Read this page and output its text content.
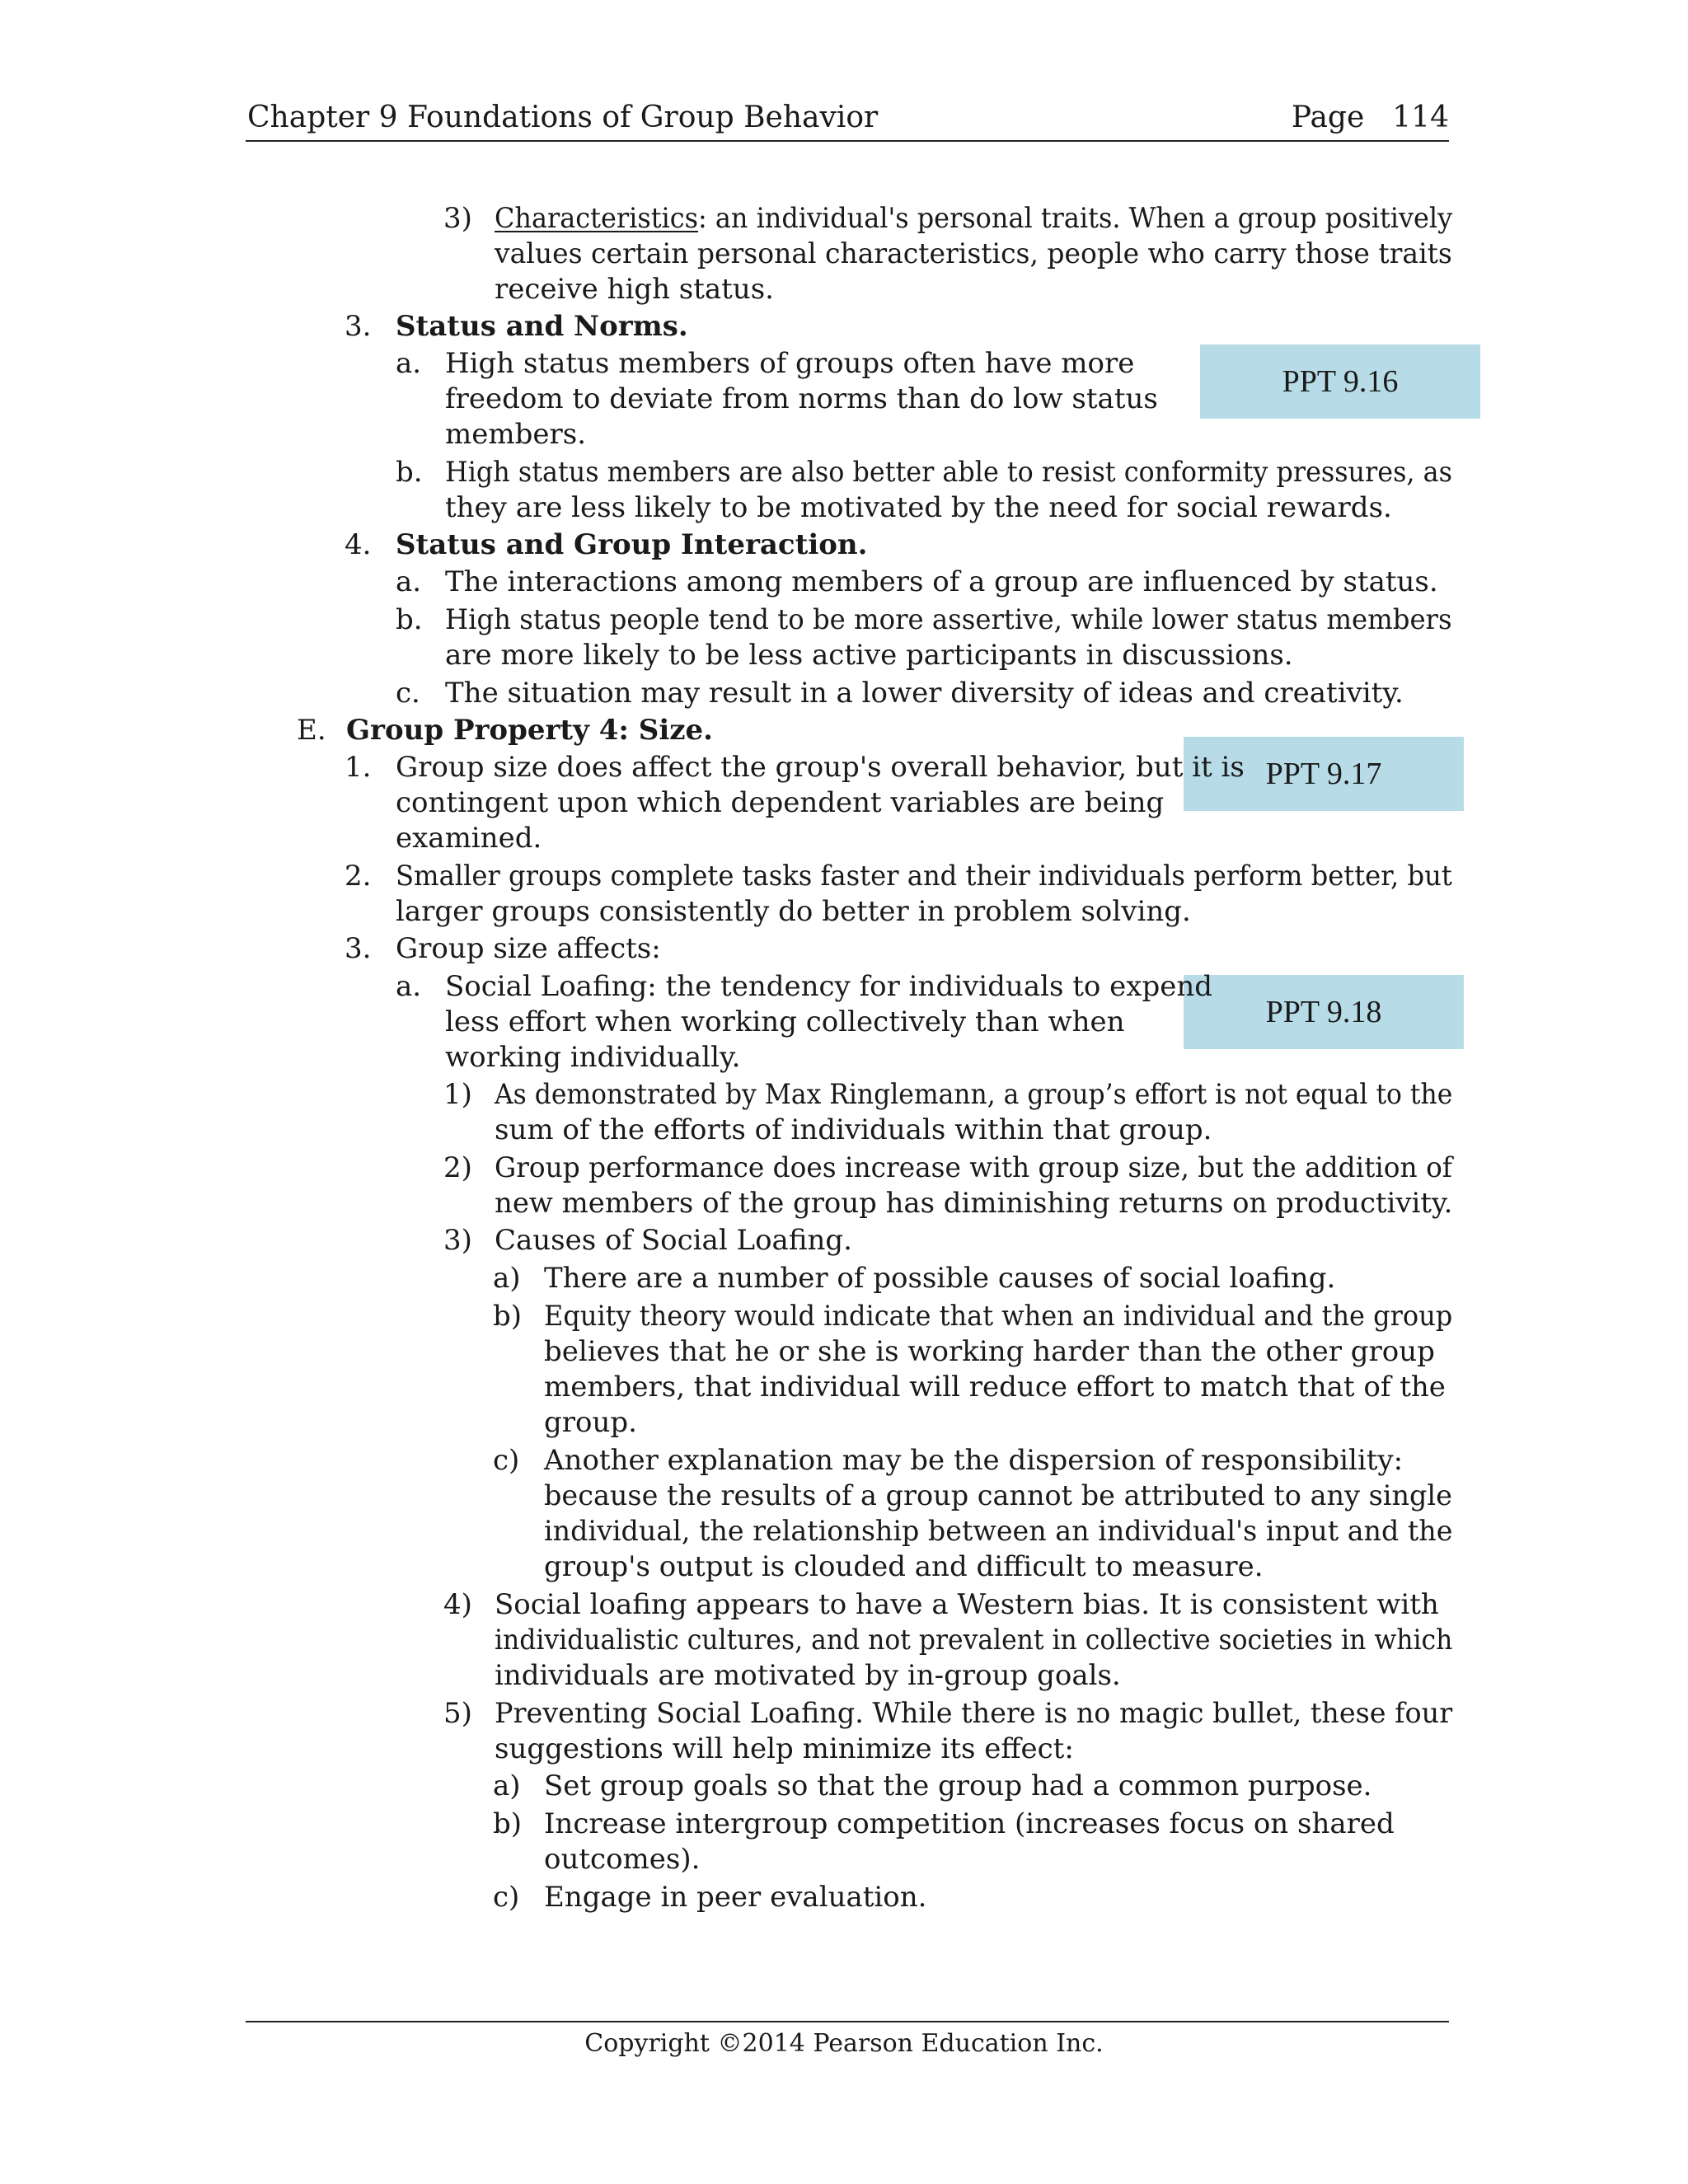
Chapter 9 Foundations of Group Behavior	Page 114
PPT 9.16
PPT 9.17
PPT 9.18
3) Characteristics: an individual's personal traits. When a group positively
values certain personal characteristics, people who carry those traits
receive high status.
3. Status and Norms.
a. High status members of groups often have more
freedom to deviate from norms than do low status
members.
b. High status members are also better able to resist conformity pressures, as
they are less likely to be motivated by the need for social rewards.
4. Status and Group Interaction.
a. The interactions among members of a group are influenced by status.
b. High status people tend to be more assertive, while lower status members
are more likely to be less active participants in discussions.
c. The situation may result in a lower diversity of ideas and creativity.
E. Group Property 4: Size.
1. Group size does affect the group's overall behavior, but it is
contingent upon which dependent variables are being
examined.
2. Smaller groups complete tasks faster and their individuals perform better, but
larger groups consistently do better in problem solving.
3. Group size affects:
a. Social Loafing: the tendency for individuals to expend
less effort when working collectively than when
working individually.
1) As demonstrated by Max Ringlemann, a group’s effort is not equal to the
sum of the efforts of individuals within that group.
2) Group performance does increase with group size, but the addition of
new members of the group has diminishing returns on productivity.
3) Causes of Social Loafing.
a) There are a number of possible causes of social loafing.
b) Equity theory would indicate that when an individual and the group
believes that he or she is working harder than the other group
members, that individual will reduce effort to match that of the
group.
c) Another explanation may be the dispersion of responsibility:
because the results of a group cannot be attributed to any single
individual, the relationship between an individual's input and the
group's output is clouded and difficult to measure.
4) Social loafing appears to have a Western bias. It is consistent with
individualistic cultures, and not prevalent in collective societies in which
individuals are motivated by in-group goals.
5) Preventing Social Loafing. While there is no magic bullet, these four
suggestions will help minimize its effect:
a) Set group goals so that the group had a common purpose.
b) Increase intergroup competition (increases focus on shared
outcomes).
c) Engage in peer evaluation.
Copyright ©2014 Pearson Education Inc.
